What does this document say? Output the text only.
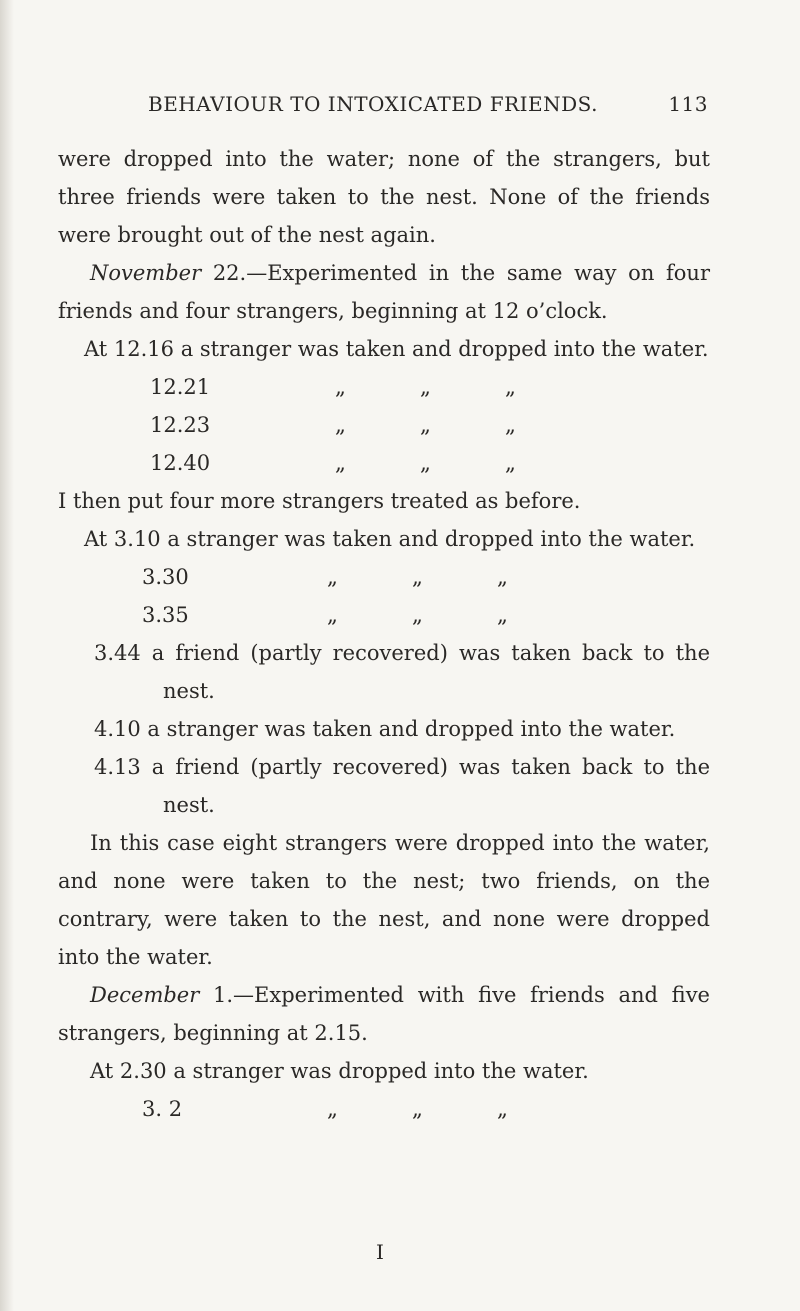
BEHAVIOUR TO INTOXICATED FRIENDS.	113

were dropped into the water; none of the strangers, but three friends were taken to the nest. None of the friends were brought out of the nest again.

November 22.—Experimented in the same way on four friends and four strangers, beginning at 12 o’clock.

At 12.16 a stranger was taken and dropped into the water.

12.21	„	„	„
12.23	„	„	„
12.40	„	„	„

I then put four more strangers treated as before.

At 3.10 a stranger was taken and dropped into the water.

3.30	„	„	„
3.35	„	„	„

3.44 a friend (partly recovered) was taken back to the nest.

4.10 a stranger was taken and dropped into the water.

4.13 a friend (partly recovered) was taken back to the nest.

In this case eight strangers were dropped into the water, and none were taken to the nest; two friends, on the contrary, were taken to the nest, and none were dropped into the water.

December 1.—Experimented with five friends and five strangers, beginning at 2.15.

At 2.30 a stranger was dropped into the water.

3. 2	„	„	„
I
